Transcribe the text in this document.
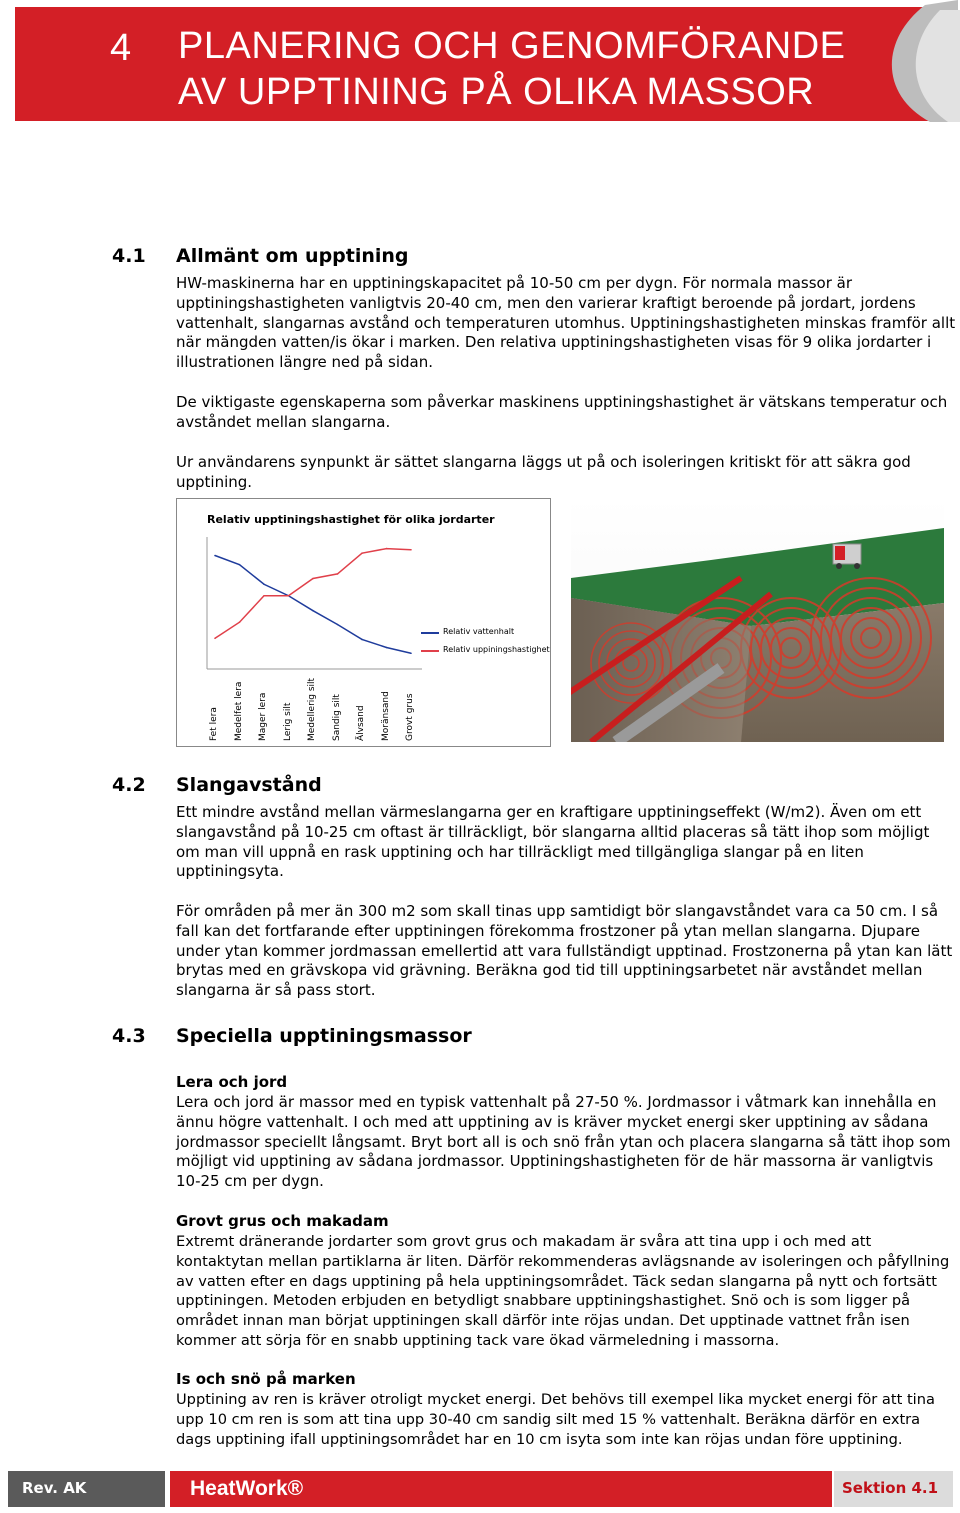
4 PLANERING OCH GENOMFÖRANDE
AV UPPTINING PÅ OLIKA MASSOR
4.1 Allmänt om upptining
HW-maskinerna har en upptiningskapacitet på 10-50 cm per dygn. För normala massor är upptiningshastigheten vanligtvis 20-40 cm, men den varierar kraftigt beroende på jordart, jordens vattenhalt, slangarnas avstånd och temperaturen utomhus. Upptiningshastigheten minskas framför allt när mängden vatten/is ökar i marken. Den relativa upptiningshastigheten visas för 9 olika jordarter i illustrationen längre ned på sidan.
De viktigaste egenskaperna som påverkar maskinens upptiningshastighet är vätskans temperatur och avståndet mellan slangarna.
Ur användarens synpunkt är sättet slangarna läggs ut på och isoleringen kritiskt för att säkra god upptining.
Relativ upptiningshastighet för olika jordarter
Relativ vattenhalt
Relativ uppiningshastighet
Fet lera Medelfet lera Mager lera Lerig silt Medellerig silt Sandig silt Älvsand Moränsand Grovt grus
4.2 Slangavstånd
Ett mindre avstånd mellan värmeslangarna ger en kraftigare upptiningseffekt (W/m2). Även om ett slangavstånd på 10-25 cm oftast är tillräckligt, bör slangarna alltid placeras så tätt ihop som möjligt om man vill uppnå en rask upptining och har tillräckligt med tillgängliga slangar på en liten upptiningsyta.
För områden på mer än 300 m2 som skall tinas upp samtidigt bör slangavståndet vara ca 50 cm. I så fall kan det fortfarande efter upptiningen förekomma frostzoner på ytan mellan slangarna. Djupare under ytan kommer jordmassan emellertid att vara fullständigt upptinad. Frostzonerna på ytan kan lätt brytas med en grävskopa vid grävning. Beräkna god tid till upptiningsarbetet när avståndet mellan slangarna är så pass stort.
4.3 Speciella upptiningsmassor
Lera och jord
Lera och jord är massor med en typisk vattenhalt på 27-50 %. Jordmassor i våtmark kan innehålla en ännu högre vattenhalt. I och med att upptining av is kräver mycket energi sker upptining av sådana jordmassor speciellt långsamt. Bryt bort all is och snö från ytan och placera slangarna så tätt ihop som möjligt vid upptining av sådana jordmassor. Upptiningshastigheten för de här massorna är vanligtvis 10-25 cm per dygn.
Grovt grus och makadam
Extremt dränerande jordarter som grovt grus och makadam är svåra att tina upp i och med att kontaktytan mellan partiklarna är liten. Därför rekommenderas avlägsnande av isoleringen och påfyllning av vatten efter en dags upptining på hela upptiningsområdet. Täck sedan slangarna på nytt och fortsätt upptiningen. Metoden erbjuden en betydligt snabbare upptiningshastighet. Snö och is som ligger på området innan man börjat upptiningen skall därför inte röjas undan. Det upptinade vattnet från isen kommer att sörja för en snabb upptining tack vare ökad värmeledning i massorna.
Is och snö på marken
Upptining av ren is kräver otroligt mycket energi. Det behövs till exempel lika mycket energi för att tina upp 10 cm ren is som att tina upp 30-40 cm sandig silt med 15 % vattenhalt. Beräkna därför en extra dags upptining ifall upptiningsområdet har en 10 cm isyta som inte kan röjas undan före upptining.
Rev. AK	HeatWork®	Sektion 4.1
